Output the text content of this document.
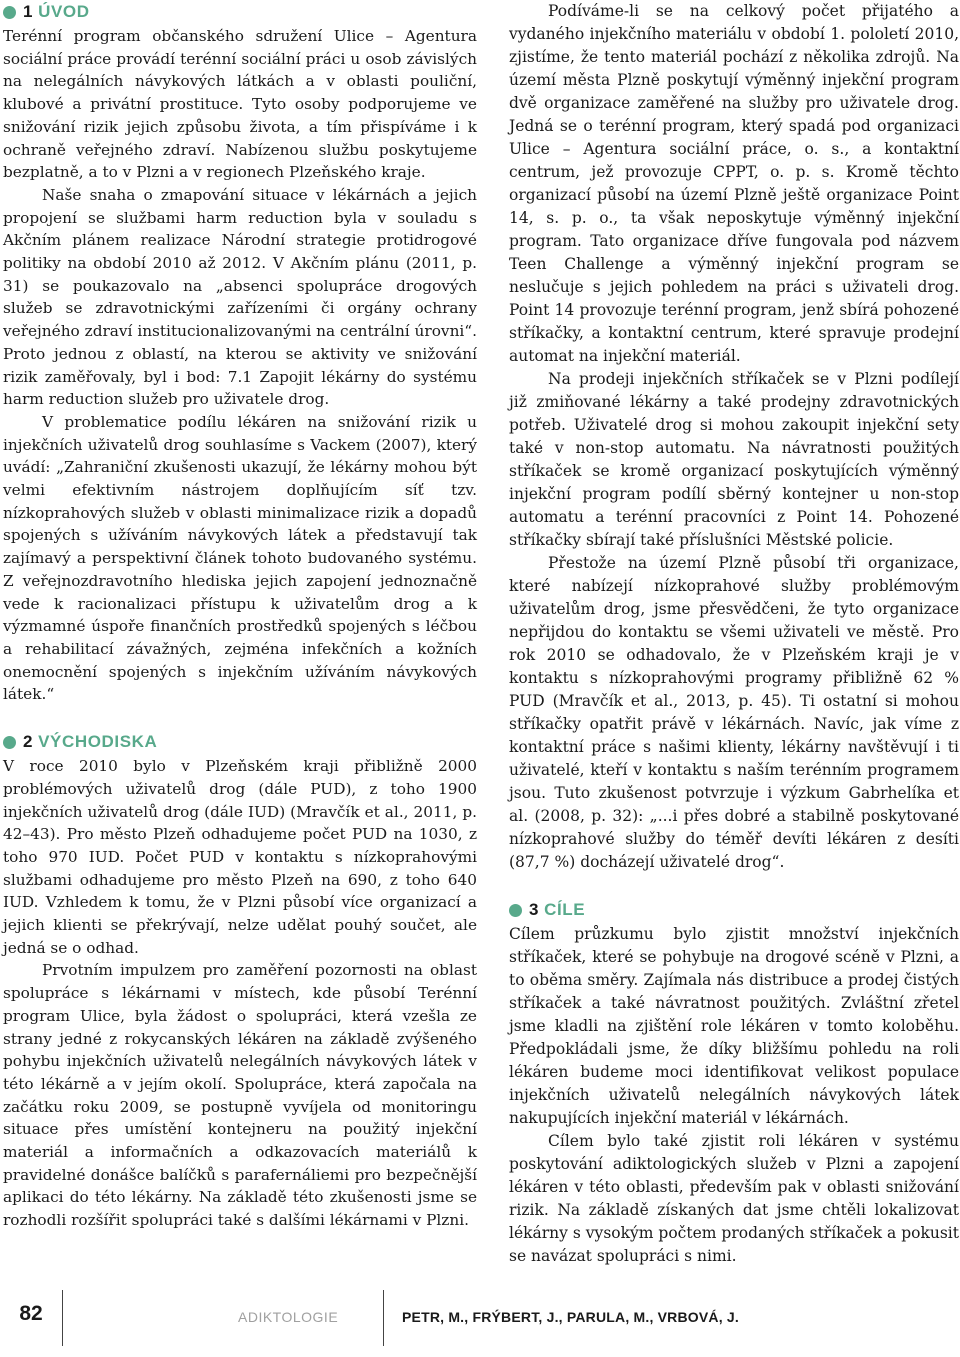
1 ÚVOD

Terénní program občanského sdružení Ulice – Agentura sociální práce provádí terénní sociální práci u osob závislých na nelegálních návykových látkách a v oblasti pouliční, klubové a privátní prostituce. Tyto osoby podporujeme ve snižování rizik jejich způsobu života, a tím přispíváme i k ochraně veřejného zdraví. Nabízenou službu poskytujeme bezplatně, a to v Plzni a v regionech Plzeňského kraje.

Naše snaha o zmapování situace v lékárnách a jejich propojení se službami harm reduction byla v souladu s Akčním plánem realizace Národní strategie protidrogové politiky na období 2010 až 2012. V Akčním plánu (2011, p. 31) se poukazovalo na „absenci spolupráce drogových služeb se zdravotnickými zařízeními či orgány ochrany veřejného zdraví institucionalizovanými na centrální úrovni“. Proto jednou z oblastí, na kterou se aktivity ve snižování rizik zaměřovaly, byl i bod: 7.1 Zapojit lékárny do systému harm reduction služeb pro uživatele drog.

V problematice podílu lékáren na snižování rizik u injekčních uživatelů drog souhlasíme s Vackem (2007), který uvádí: „Zahraniční zkušenosti ukazují, že lékárny mohou být velmi efektivním nástrojem doplňujícím síť tzv. nízkoprahových služeb v oblasti minimalizace rizik a dopadů spojených s užíváním návykových látek a představují tak zajímavý a perspektivní článek tohoto budovaného systému. Z veřejnozdravotního hlediska jejich zapojení jednoznačně vede k racionalizaci přístupu k uživatelům drog a k výzmamné úspoře finančních prostředků spojených s léčbou a rehabilitací závažných, zejména infekčních a kožních onemocnění spojených s injekčním užíváním návykových látek.“

2 VÝCHODISKA

V roce 2010 bylo v Plzeňském kraji přibližně 2000 problémových uživatelů drog (dále PUD), z toho 1900 injekčních uživatelů drog (dále IUD) (Mravčík et al., 2011, p. 42–43). Pro město Plzeň odhadujeme počet PUD na 1030, z toho 970 IUD. Počet PUD v kontaktu s nízkoprahovými službami odhadujeme pro město Plzeň na 690, z toho 640 IUD. Vzhledem k tomu, že v Plzni působí více organizací a jejich klienti se překrývají, nelze udělat pouhý součet, ale jedná se o odhad.

Prvotním impulzem pro zaměření pozornosti na oblast spolupráce s lékárnami v místech, kde působí Terénní program Ulice, byla žádost o spolupráci, která vzešla ze strany jedné z rokycanských lékáren na základě zvýšeného pohybu injekčních uživatelů nelegálních návykových látek v této lékárně a v jejím okolí. Spolupráce, která započala na začátku roku 2009, se postupně vyvíjela od monitoringu situace přes umístění kontejneru na použitý injekční materiál a informačních a odkazovacích materiálů k pravidelné donášce balíčků s parafernáliemi pro bezpečnější aplikaci do této lékárny. Na základě této zkušenosti jsme se rozhodli rozšířit spolupráci také s dalšími lékárnami v Plzni.

Podíváme-li se na celkový počet přijatého a vydaného injekčního materiálu v období 1. pololetí 2010, zjistíme, že tento materiál pochází z několika zdrojů. Na území města Plzně poskytují výměnný injekční program dvě organizace zaměřené na služby pro uživatele drog. Jedná se o terénní program, který spadá pod organizaci Ulice – Agentura sociální práce, o. s., a kontaktní centrum, jež provozuje CPPT, o. p. s. Kromě těchto organizací působí na území Plzně ještě organizace Point 14, s. p. o., ta však neposkytuje výměnný injekční program. Tato organizace dříve fungovala pod názvem Teen Challenge a výměnný injekční program se neslučuje s jejich pohledem na práci s uživateli drog. Point 14 provozuje terénní program, jenž sbírá pohozené stříkačky, a kontaktní centrum, které spravuje prodejní automat na injekční materiál.

Na prodeji injekčních stříkaček se v Plzni podílejí již zmiňované lékárny a také prodejny zdravotnických potřeb. Uživatelé drog si mohou zakoupit injekční sety také v non-stop automatu. Na návratnosti použitých stříkaček se kromě organizací poskytujících výměnný injekční program podílí sběrný kontejner u non-stop automatu a terénní pracovníci z Point 14. Pohozené stříkačky sbírají také příslušníci Městské policie.

Přestože na území Plzně působí tři organizace, které nabízejí nízkoprahové služby problémovým uživatelům drog, jsme přesvědčeni, že tyto organizace nepřijdou do kontaktu se všemi uživateli ve městě. Pro rok 2010 se odhadovalo, že v Plzeňském kraji je v kontaktu s nízkoprahovými programy přibližně 62 % PUD (Mravčík et al., 2013, p. 45). Ti ostatní si mohou stříkačky opatřit právě v lékárnách. Navíc, jak víme z kontaktní práce s našimi klienty, lékárny navštěvují i ti uživatelé, kteří v kontaktu s naším terénním programem jsou. Tuto zkušenost potvrzuje i výzkum Gabrhelíka et al. (2008, p. 32): „...i přes dobré a stabilně poskytované nízkoprahové služby do téměř devíti lékáren z desíti (87,7 %) docházejí uživatelé drog“.

3 CÍLE

Cílem průzkumu bylo zjistit množství injekčních stříkaček, které se pohybuje na drogové scéně v Plzni, a to oběma směry. Zajímala nás distribuce a prodej čistých stříkaček a také návratnost použitých. Zvláštní zřetel jsme kladli na zjištění role lékáren v tomto koloběhu. Předpokládali jsme, že díky bližšímu pohledu na roli lékáren budeme moci identifikovat velikost populace injekčních uživatelů nelegálních návykových látek nakupujících injekční materiál v lékárnách.

Cílem bylo také zjistit roli lékáren v systému poskytování adiktologických služeb v Plzni a zapojení lékáren v této oblasti, především pak v oblasti snižování rizik. Na základě získaných dat jsme chtěli lokalizovat lékárny s vysokým počtem prodaných stříkaček a pokusit se navázat spolupráci s nimi.

82	ADIKTOLOGIE	PETR, M., FRÝBERT, J., PARULA, M., VRBOVÁ, J.
